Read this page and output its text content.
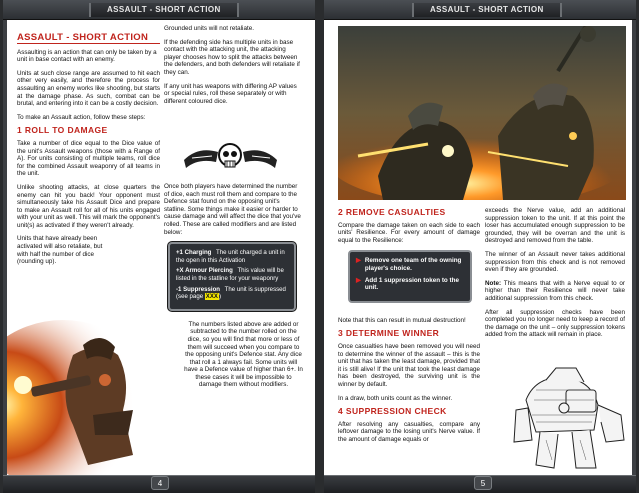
ASSAULT - SHORT ACTION
ASSAULT - SHORT ACTION

Assaulting is an action that can only be taken by a unit in base contact with an enemy.

Units at such close range are assumed to hit each other very easily, and therefore the process for assaulting an enemy works like shooting, but starts at the damage phase. As such, combat can be brutal, and entering into it can be a costly decision.

To make an Assault action, follow these steps:

1 ROLL TO DAMAGE

Take a number of dice equal to the Dice value of the unit's Assault weapons (those with a Range of A). For units consisting of multiple teams, roll dice for the combined Assault weaponry of all teams in the unit.

Unlike shooting attacks, at close quarters the enemy can hit you back! Your opponent must simultaneously take his Assault Dice and prepare to make an Assault roll for all of his units engaged with your unit as well. This will mark the opponent's unit(s) as activated if they weren't already.

Units that have already been activated will also retaliate, but with half the number of dice (rounding up).

Grounded units will not retaliate.

If the defending side has multiple units in base contact with the attacking unit, the attacking player chooses how to split the attacks between the defenders, and both defenders will retaliate if they can.

If any unit has weapons with differing AP values or special rules, roll these separately or with different coloured dice.

Once both players have determined the number of dice, each must roll them and compare to the Defence stat found on the opposing unit's statline. Some things make it easier or harder to cause damage and will affect the dice that you've rolled. These are called modifiers and are listed below:

+1 Charging The unit charged a unit in the open in this Activation
+X Armour Piercing This value will be listed in the statline for your weaponry
-1 Suppression The unit is suppressed (see page XXX)

The numbers listed above are added or subtracted to the number rolled on the dice, so you will find that more or less of them will succeed when you compare to the opposing unit's Defence stat. Any dice that roll a 1 always fail. Some units will have a Defence value of higher than 6+. In these cases it will be impossible to damage them without modifiers.

4
ASSAULT - SHORT ACTION
2 REMOVE CASUALTIES

Compare the damage taken on each side to each units' Resilience. For every amount of damage equal to the Resilience:

▶ Remove one team of the owning player's choice.
▶ Add 1 suppression token to the unit.

Note that this can result in mutual destruction!

3 DETERMINE WINNER

Once casualties have been removed you will need to determine the winner of the assault – this is the unit that has taken the least damage, provided that it is still alive! If the unit that took the least damage has been destroyed, the surviving unit is the winner by default.

In a draw, both units count as the winner.

4 SUPPRESSION CHECK

After resolving any casualties, compare any leftover damage to the losing unit's Nerve value. If the amount of damage equals or

exceeds the Nerve value, add an additional suppression token to the unit. If at this point the loser has accumulated enough suppression to be grounded, they will be overran and the unit is destroyed and removed from the table.

The winner of an Assault never takes additional suppression from this check and is not removed even if they are grounded.

Note: This means that with a Nerve equal to or higher than their Resilience will never take additional suppression from this check.

After all suppression checks have been completed you no longer need to keep a record of the damage on the unit – only suppression tokens added from the attack will remain in place.

5
